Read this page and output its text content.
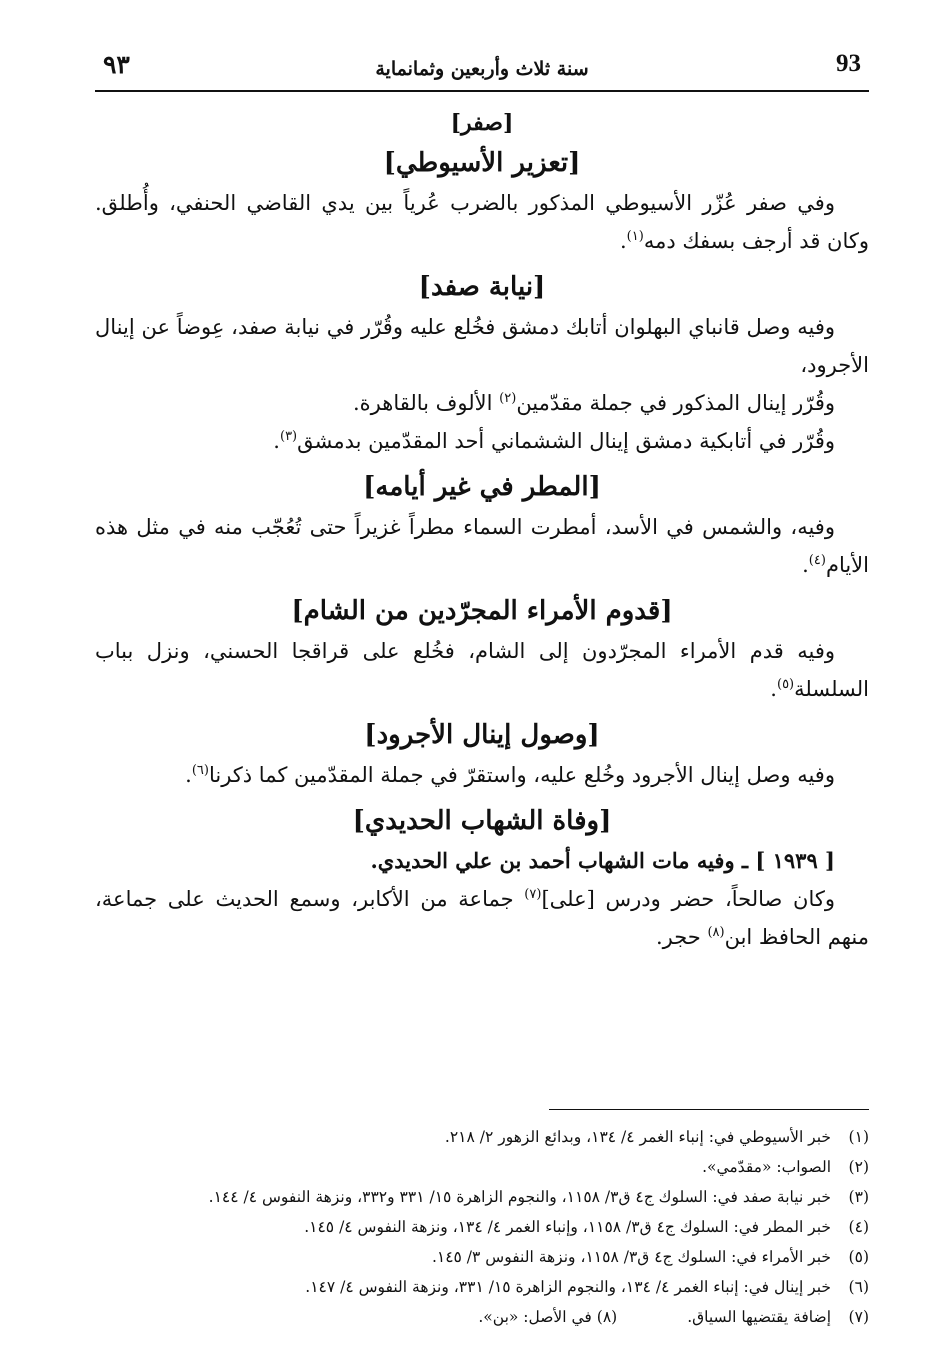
93
سنة ثلاث وأربعين وثمانماية
٩٣
[صفر]
[تعزير الأسيوطي]

وفي صفر عُزّر الأسيوطي المذكور بالضرب عُرياً بين يدي القاضي الحنفي، وأُطلق. وكان قد أرجف بسفك دمه$^{(١)}$.

[نيابة صفد]

وفيه وصل قانباي البهلوان أتابك دمشق فخُلع عليه وقُرّر في نيابة صفد، عِوضاً عن إينال الأجرود،

وقُرّر إينال المذكور في جملة مقدّمين$^{(٢)}$ الألوف بالقاهرة.

وقُرّر في أتابكية دمشق إينال الششماني أحد المقدّمين بدمشق$^{(٣)}$.

[المطر في غير أيامه]

وفيه، والشمس في الأسد، أمطرت السماء مطراً غزيراً حتى تُعُجّب منه في مثل هذه الأيام$^{(٤)}$.

[قدوم الأمراء المجرّدين من الشام]

وفيه قدم الأمراء المجرّدون إلى الشام، فخُلع على قراقجا الحسني، ونزل بباب السلسلة$^{(٥)}$.

[وصول إينال الأجرود]

وفيه وصل إينال الأجرود وخُلع عليه، واستقرّ في جملة المقدّمين كما ذكرنا$^{(٦)}$.

[وفاة الشهاب الحديدي]

[ ١٩٣٩ ] ـ وفيه مات الشهاب أحمد بن علي الحديدي.

وكان صالحاً، حضر ودرس [على]$^{(٧)}$ جماعة من الأكابر، وسمع الحديث على جماعة، منهم الحافظ ابن$^{(٨)}$ حجر.

(١)
خبر الأسيوطي في: إنباء الغمر ٤/ ١٣٤، وبدائع الزهور ٢/ ٢١٨.
(٢)
الصواب: «مقدّمي».
(٣)
خبر نيابة صفد في: السلوك ج٤ ق٣/ ١١٥٨، والنجوم الزاهرة ١٥/ ٣٣١ و٣٣٢، ونزهة النفوس ٤/ ١٤٤.
(٤)
خبر المطر في: السلوك ج٤ ق٣/ ١١٥٨، وإنباء الغمر ٤/ ١٣٤، ونزهة النفوس ٤/ ١٤٥.
(٥)
خبر الأمراء في: السلوك ج٤ ق٣/ ١١٥٨، ونزهة النفوس ٣/ ١٤٥.
(٦)
خبر إينال في: إنباء الغمر ٤/ ١٣٤، والنجوم الزاهرة ١٥/ ٣٣١، ونزهة النفوس ٤/ ١٤٧.
(٧)
إضافة يقتضيها السياق.
(٨) في الأصل: «بن».
